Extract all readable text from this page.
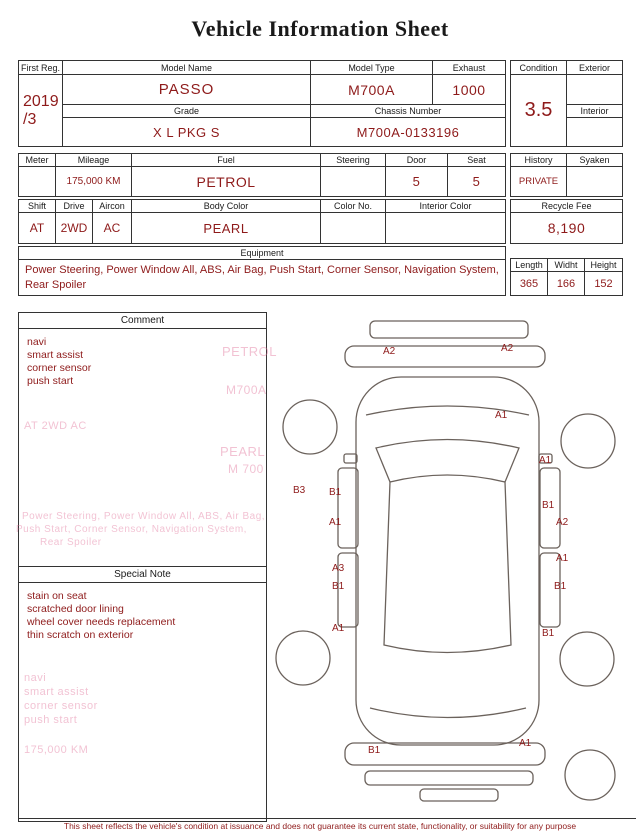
Vehicle Information Sheet
First Reg.	Model Name	Model Type	Exhaust

2019
/3	PASSO	M700A	1000
	Grade	Chassis Number	
	X L PKG S	M700A-0133196	
Condition	Exterior
3.5	
	Interior

Meter	Mileage	Fuel	Steering	Door	Seat
	175,000 KM	PETROL		5	5
History	Syaken
PRIVATE	
Shift	Drive	Aircon	Body Color	Color No.	Interior Color
AT	2WD	AC	PEARL		
Recycle Fee
8,190
Equipment
Power Steering, Power Window All, ABS, Air Bag, Push Start, Corner Sensor, Navigation System, Rear Spoiler
Length	Widht	Height
365	166	152
Comment
navi
smart assist
corner sensor
push start
Special Note
stain on seat
scratched door lining
wheel cover needs replacement
thin scratch on exterior
A2	A2
A1
A1
B3 B1
A1
B1
A2
A1
A3
B1	B1
A1	B1
B1
A1
PETROL
M700A
AT 2WD AC
PEARL
M 700
Power Steering, Power Window All, ABS, Air Bag,
Push Start, Corner Sensor, Navigation System,
Rear Spoiler
navi
smart assist
corner sensor
push start
175,000 KM
This sheet reflects the vehicle's condition at issuance and does not guarantee its current state, functionality, or suitability for any purpose
